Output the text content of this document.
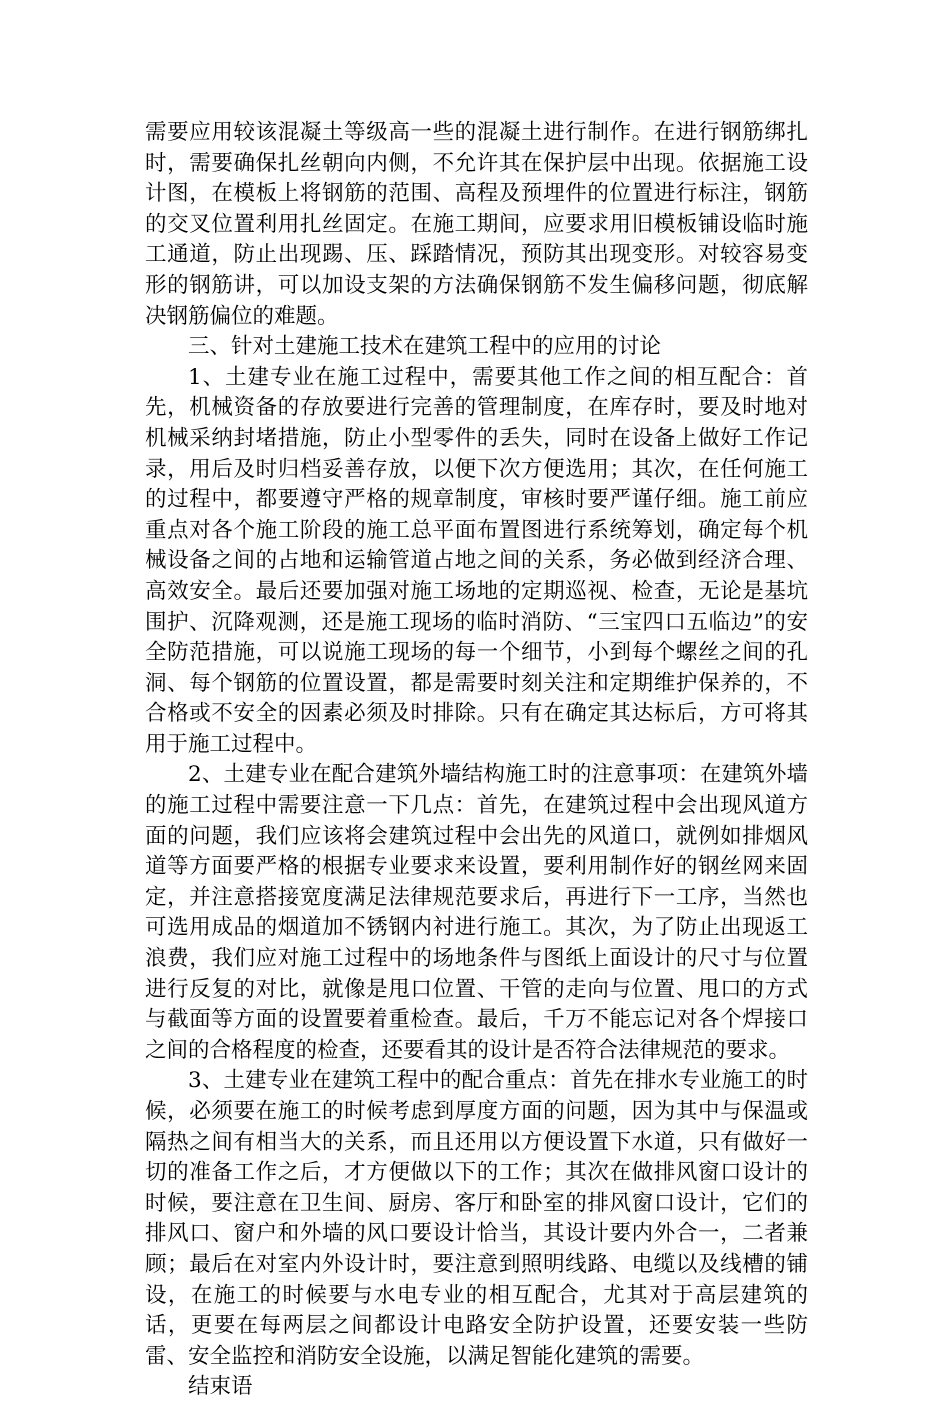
需要应用较该混凝土等级高一些的混凝土进行制作。在进行钢筋绑扎时，需要确保扎丝朝向内侧，不允许其在保护层中出现。依据施工设计图，在模板上将钢筋的范围、高程及预埋件的位置进行标注，钢筋的交叉位置利用扎丝固定。在施工期间，应要求用旧模板铺设临时施工通道，防止出现踢、压、踩踏情况，预防其出现变形。对较容易变形的钢筋讲，可以加设支架的方法确保钢筋不发生偏移问题，彻底解决钢筋偏位的难题。

三、针对土建施工技术在建筑工程中的应用的讨论

1、土建专业在施工过程中，需要其他工作之间的相互配合：首先，机械资备的存放要进行完善的管理制度，在库存时，要及时地对机械采纳封堵措施，防止小型零件的丢失，同时在设备上做好工作记录，用后及时归档妥善存放，以便下次方便选用；其次，在任何施工的过程中，都要遵守严格的规章制度，审核时要严谨仔细。施工前应重点对各个施工阶段的施工总平面布置图进行系统筹划，确定每个机械设备之间的占地和运输管道占地之间的关系，务必做到经济合理、高效安全。最后还要加强对施工场地的定期巡视、检查，无论是基坑围护、沉降观测，还是施工现场的临时消防、“三宝四口五临边”的安全防范措施，可以说施工现场的每一个细节，小到每个螺丝之间的孔洞、每个钢筋的位置设置，都是需要时刻关注和定期维护保养的，不合格或不安全的因素必须及时排除。只有在确定其达标后，方可将其用于施工过程中。

2、土建专业在配合建筑外墙结构施工时的注意事项：在建筑外墙的施工过程中需要注意一下几点：首先，在建筑过程中会出现风道方面的问题，我们应该将会建筑过程中会出先的风道口，就例如排烟风道等方面要严格的根据专业要求来设置，要利用制作好的钢丝网来固定，并注意搭接宽度满足法律规范要求后，再进行下一工序，当然也可选用成品的烟道加不锈钢内衬进行施工。其次，为了防止出现返工浪费，我们应对施工过程中的场地条件与图纸上面设计的尺寸与位置进行反复的对比，就像是甩口位置、干管的走向与位置、甩口的方式与截面等方面的设置要着重检查。最后，千万不能忘记对各个焊接口之间的合格程度的检查，还要看其的设计是否符合法律规范的要求。

3、土建专业在建筑工程中的配合重点：首先在排水专业施工的时候，必须要在施工的时候考虑到厚度方面的问题，因为其中与保温或隔热之间有相当大的关系，而且还用以方便设置下水道，只有做好一切的准备工作之后，才方便做以下的工作；其次在做排风窗口设计的时候，要注意在卫生间、厨房、客厅和卧室的排风窗口设计，它们的排风口、窗户和外墙的风口要设计恰当，其设计要内外合一，二者兼顾；最后在对室内外设计时，要注意到照明线路、电缆以及线槽的铺设，在施工的时候要与水电专业的相互配合，尤其对于高层建筑的话，更要在每两层之间都设计电路安全防护设置，还要安装一些防雷、安全监控和消防安全设施，以满足智能化建筑的需要。

结束语
